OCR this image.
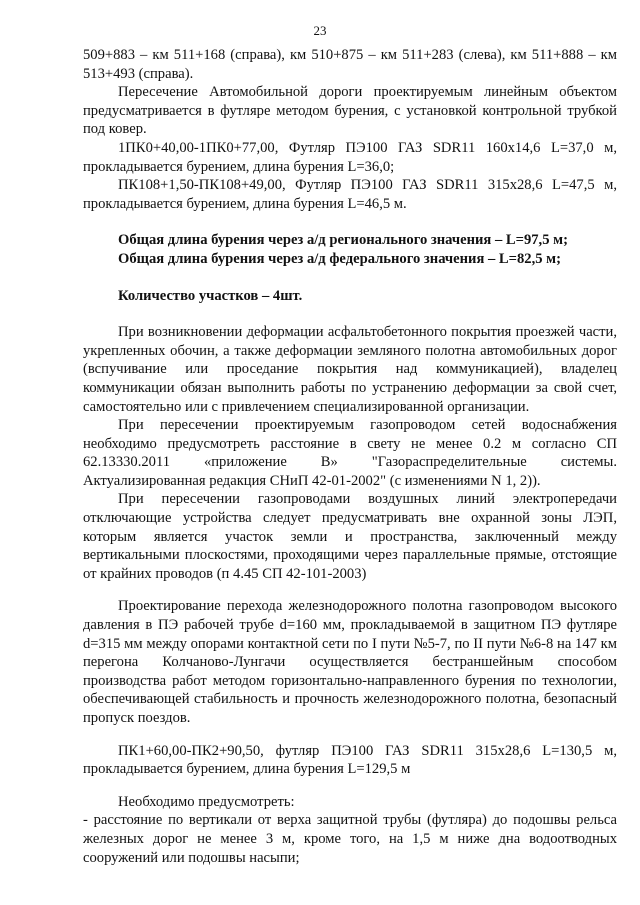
23

509+883 – км 511+168 (справа), км 510+875 – км 511+283 (слева), км 511+888 – км 513+493 (справа).

Пересечение Автомобильной дороги проектируемым линейным объектом предусматривается в футляре методом бурения, с установкой контрольной трубкой под ковер.

1ПК0+40,00-1ПК0+77,00, Футляр ПЭ100 ГАЗ SDR11 160x14,6 L=37,0 м, прокладывается бурением, длина бурения L=36,0;

ПК108+1,50-ПК108+49,00, Футляр ПЭ100 ГАЗ SDR11 315x28,6 L=47,5 м, прокладывается бурением, длина бурения L=46,5 м.

Общая длина бурения через а/д регионального значения – L=97,5 м;

Общая длина бурения через а/д федерального значения – L=82,5 м;

Количество участков – 4шт.

При возникновении деформации асфальтобетонного покрытия проезжей части, укрепленных обочин, а также деформации земляного полотна автомобильных дорог (вспучивание или проседание покрытия над коммуникацией), владелец коммуникации обязан выполнить работы по устранению деформации за свой счет, самостоятельно или с привлечением специализированной организации.

При пересечении проектируемым газопроводом сетей водоснабжения необходимо предусмотреть расстояние в свету не менее 0.2 м согласно СП 62.13330.2011 «приложение В» "Газораспределительные системы. Актуализированная редакция СНиП 42-01-2002" (с изменениями N 1, 2)).

При пересечении газопроводами воздушных линий электропередачи отключающие устройства следует предусматривать вне охранной зоны ЛЭП, которым является участок земли и пространства, заключенный между вертикальными плоскостями, проходящими через параллельные прямые, отстоящие от крайних проводов (п 4.45 СП 42-101-2003)

Проектирование перехода железнодорожного полотна газопроводом высокого давления в ПЭ рабочей трубе d=160 мм, прокладываемой в защитном ПЭ футляре d=315 мм между опорами контактной сети по I пути №5-7, по II пути №6-8 на 147 км перегона Колчаново-Лунгачи осуществляется бестраншейным способом производства работ методом горизонтально-направленного бурения по технологии, обеспечивающей стабильность и прочность железнодорожного полотна, безопасный пропуск поездов.

ПК1+60,00-ПК2+90,50, футляр ПЭ100 ГАЗ SDR11 315x28,6 L=130,5 м, прокладывается бурением, длина бурения L=129,5 м

Необходимо предусмотреть:

- расстояние по вертикали от верха защитной трубы (футляра) до подошвы рельса железных дорог не менее 3 м, кроме того, на 1,5 м ниже дна водоотводных сооружений или подошвы насыпи;
